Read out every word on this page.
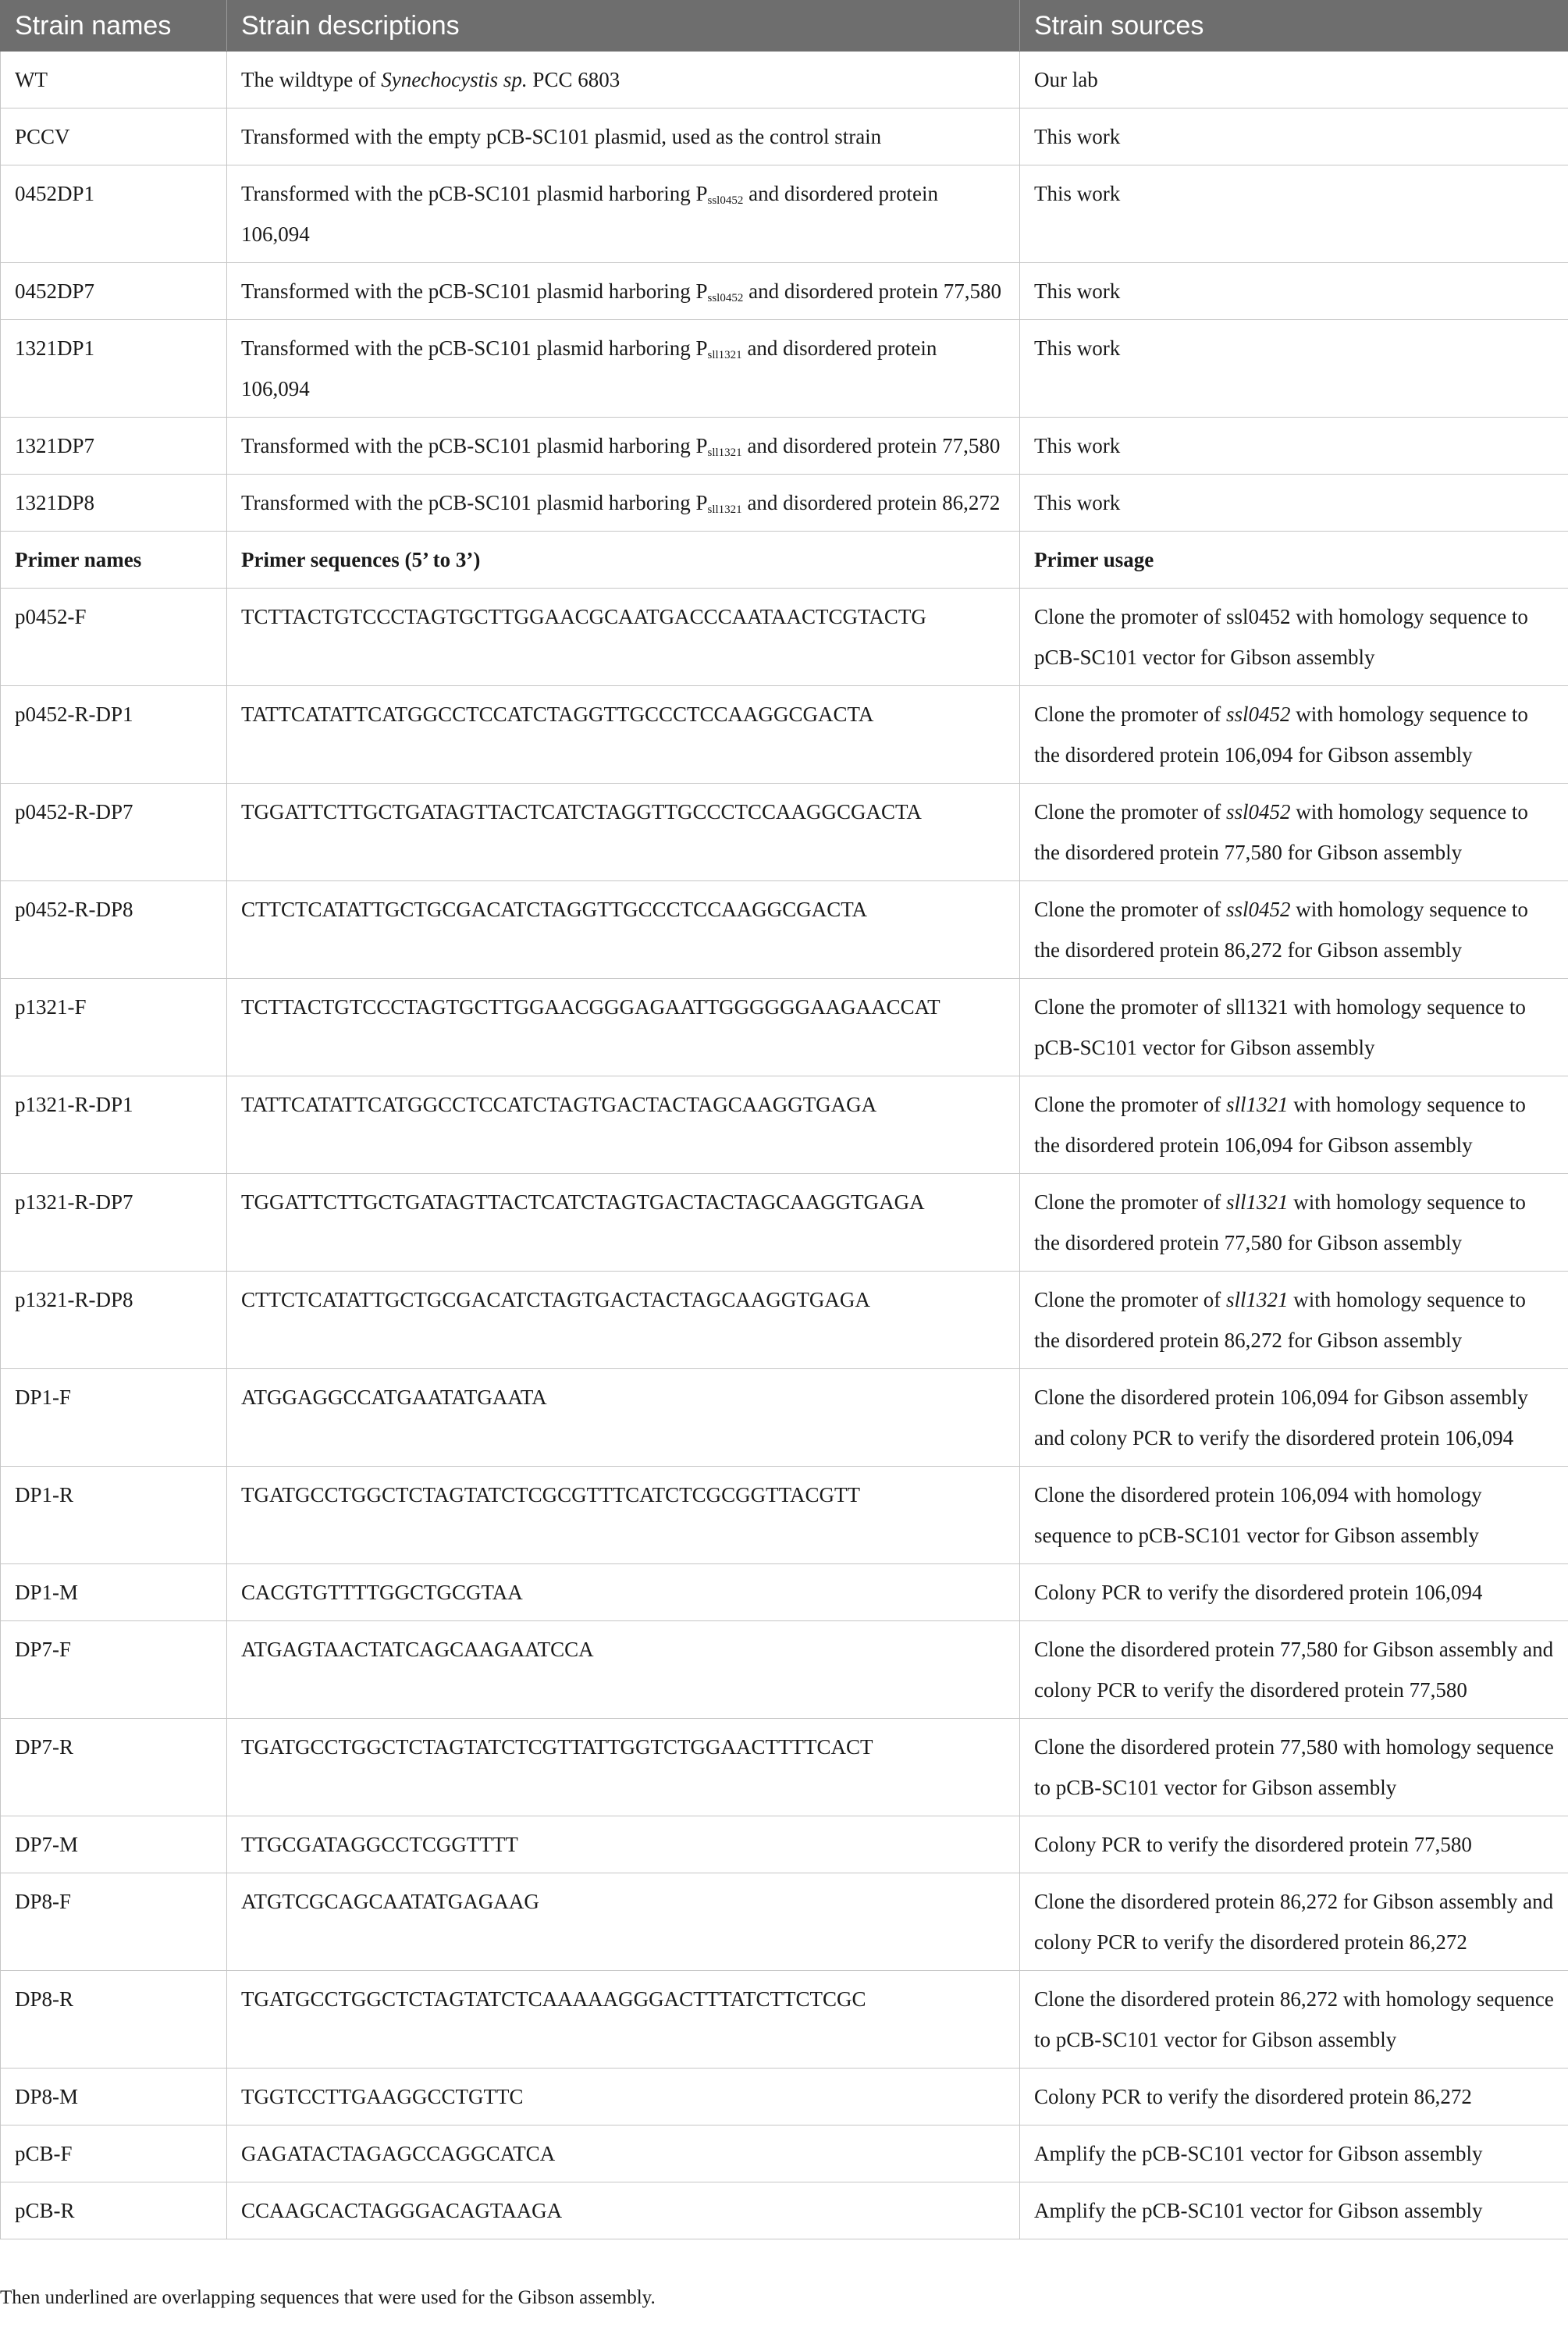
Strain names	Strain descriptions	Strain sources
WT	The wildtype of Synechocystis sp. PCC 6803	Our lab
PCCV	Transformed with the empty pCB-SC101 plasmid, used as the control strain	This work
0452DP1	Transformed with the pCB-SC101 plasmid harboring $P_{ssl0452}$ and disordered protein 106,094	This work
0452DP7	Transformed with the pCB-SC101 plasmid harboring $P_{ssl0452}$ and disordered protein 77,580	This work
1321DP1	Transformed with the pCB-SC101 plasmid harboring $P_{sll1321}$ and disordered protein 106,094	This work
1321DP7	Transformed with the pCB-SC101 plasmid harboring $P_{sll1321}$ and disordered protein 77,580	This work
1321DP8	Transformed with the pCB-SC101 plasmid harboring $P_{sll1321}$ and disordered protein 86,272	This work
Primer names	Primer sequences (5’ to 3’)	Primer usage
p0452-F	TCTTACTGTCCCTAGTGCTTGGAACGCAATGACCCAATAACTCGTACTG	Clone the promoter of ssl0452 with homology sequence to pCB-SC101 vector for Gibson assembly
p0452-R-DP1	TATTCATATTCATGGCCTCCATCTAGGTTGCCCTCCAAGGCGACTA	Clone the promoter of ssl0452 with homology sequence to the disordered protein 106,094 for Gibson assembly
p0452-R-DP7	TGGATTCTTGCTGATAGTTACTCATCTAGGTTGCCCTCCAAGGCGACTA	Clone the promoter of ssl0452 with homology sequence to the disordered protein 77,580 for Gibson assembly
p0452-R-DP8	CTTCTCATATTGCTGCGACATCTAGGTTGCCCTCCAAGGCGACTA	Clone the promoter of ssl0452 with homology sequence to the disordered protein 86,272 for Gibson assembly
p1321-F	TCTTACTGTCCCTAGTGCTTGGAACGGGAGAATTGGGGGGAAGAACCAT	Clone the promoter of sll1321 with homology sequence to pCB-SC101 vector for Gibson assembly
p1321-R-DP1	TATTCATATTCATGGCCTCCATCTAGTGACTACTAGCAAGGTGAGA	Clone the promoter of sll1321 with homology sequence to the disordered protein 106,094 for Gibson assembly
p1321-R-DP7	TGGATTCTTGCTGATAGTTACTCATCTAGTGACTACTAGCAAGGTGAGA	Clone the promoter of sll1321 with homology sequence to the disordered protein 77,580 for Gibson assembly
p1321-R-DP8	CTTCTCATATTGCTGCGACATCTAGTGACTACTAGCAAGGTGAGA	Clone the promoter of sll1321 with homology sequence to the disordered protein 86,272 for Gibson assembly
DP1-F	ATGGAGGCCATGAATATGAATA	Clone the disordered protein 106,094 for Gibson assembly and colony PCR to verify the disordered protein 106,094
DP1-R	TGATGCCTGGCTCTAGTATCTCGCGTTTCATCTCGCGGTTACGTT	Clone the disordered protein 106,094 with homology sequence to pCB-SC101 vector for Gibson assembly
DP1-M	CACGTGTTTTGGCTGCGTAA	Colony PCR to verify the disordered protein 106,094
DP7-F	ATGAGTAACTATCAGCAAGAATCCA	Clone the disordered protein 77,580 for Gibson assembly and colony PCR to verify the disordered protein 77,580
DP7-R	TGATGCCTGGCTCTAGTATCTCGTTATTGGTCTGGAACTTTTCACT	Clone the disordered protein 77,580 with homology sequence to pCB-SC101 vector for Gibson assembly
DP7-M	TTGCGATAGGCCTCGGTTTT	Colony PCR to verify the disordered protein 77,580
DP8-F	ATGTCGCAGCAATATGAGAAG	Clone the disordered protein 86,272 for Gibson assembly and colony PCR to verify the disordered protein 86,272
DP8-R	TGATGCCTGGCTCTAGTATCTCAAAAAGGGACTTTATCTTCTCGC	Clone the disordered protein 86,272 with homology sequence to pCB-SC101 vector for Gibson assembly
DP8-M	TGGTCCTTGAAGGCCTGTTC	Colony PCR to verify the disordered protein 86,272
pCB-F	GAGATACTAGAGCCAGGCATCA	Amplify the pCB-SC101 vector for Gibson assembly
pCB-R	CCAAGCACTAGGGACAGTAAGA	Amplify the pCB-SC101 vector for Gibson assembly
Then underlined are overlapping sequences that were used for the Gibson assembly.
